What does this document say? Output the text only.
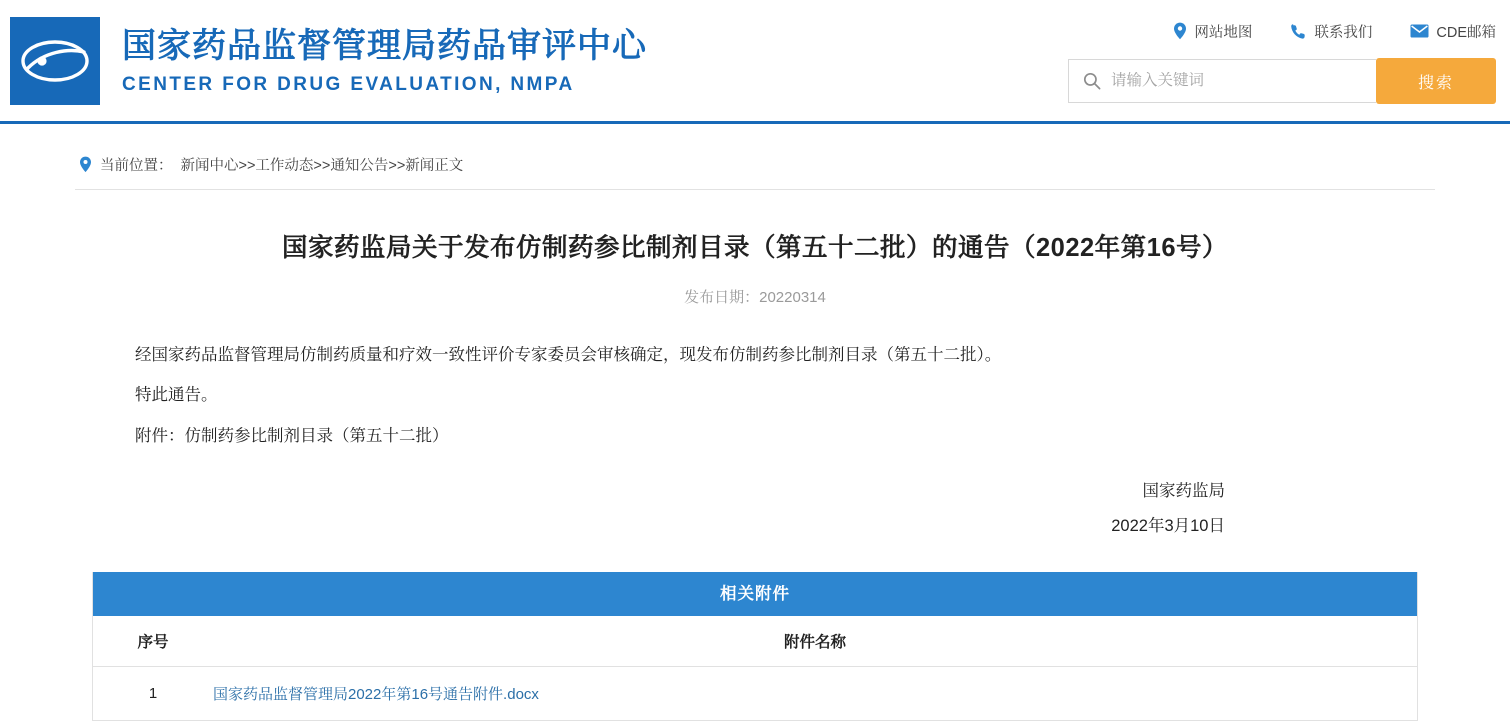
国家药品监督管理局药品审评中心
CENTER FOR DRUG EVALUATION, NMPA
网站地图	联系我们	CDE邮箱
请输入关键词
搜索
当前位置： 新闻中心>>工作动态>>通知公告>>新闻正文
国家药监局关于发布仿制药参比制剂目录（第五十二批）的通告（2022年第16号）
发布日期：20220314

经国家药品监督管理局仿制药质量和疗效一致性评价专家委员会审核确定，现发布仿制药参比制剂目录（第五十二批）。

特此通告。

附件：仿制药参比制剂目录（第五十二批）

国家药监局
2022年3月10日
相关附件
序号	附件名称
1	国家药品监督管理局2022年第16号通告附件.docx
